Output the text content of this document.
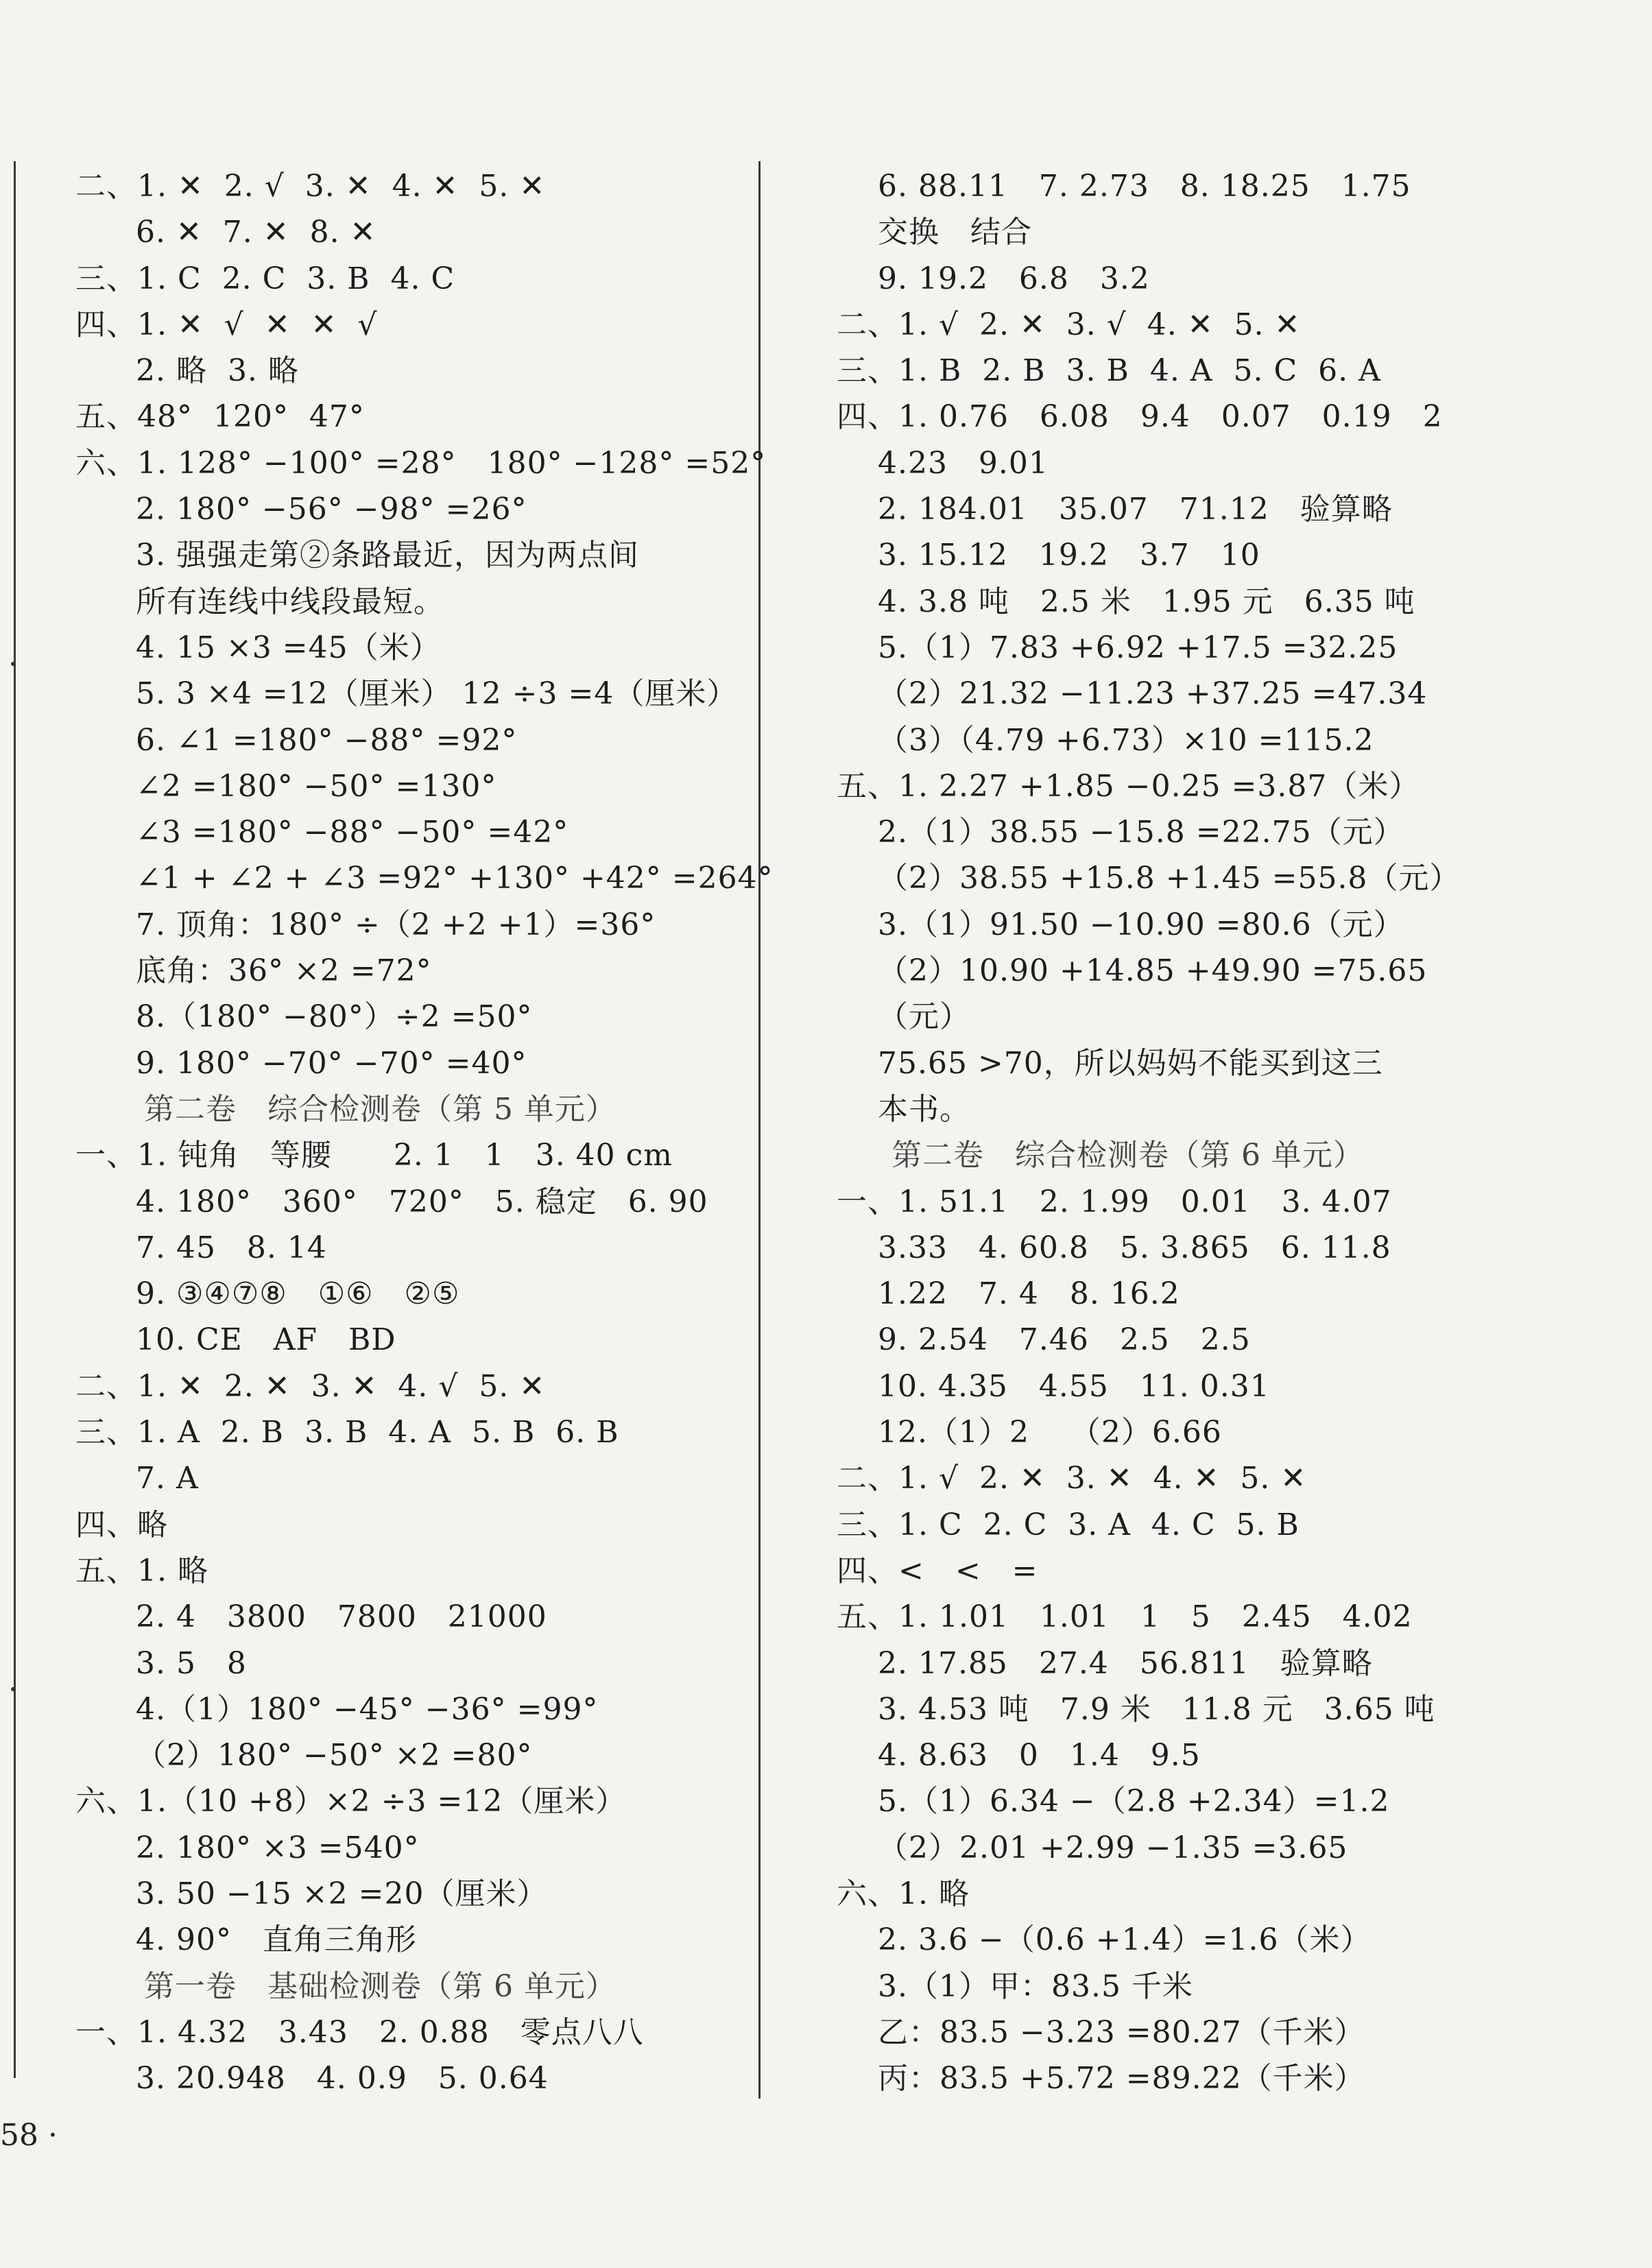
二、1. ✕  2. √  3. ✕  4. ✕  5. ✕
6. ✕  7. ✕  8. ✕
三、1. C  2. C  3. B  4. C
四、1. ✕  √  ✕  ✕  √
2. 略  3. 略
五、48°  120°  47°
六、1. 128° −100° =28°   180° −128° =52°
2. 180° −56° −98° =26°
3. 强强走第②条路最近，因为两点间
所有连线中线段最短。
4. 15 ×3 =45（米）
5. 3 ×4 =12（厘米） 12 ÷3 =4（厘米）
6. ∠1 =180° −88° =92°
∠2 =180° −50° =130°
∠3 =180° −88° −50° =42°
∠1 + ∠2 + ∠3 =92° +130° +42° =264°
7. 顶角：180° ÷（2 +2 +1）=36°
底角：36° ×2 =72°
8.（180° −80°）÷2 =50°
9. 180° −70° −70° =40°
第二卷   综合检测卷（第 5 单元）
一、1. 钝角   等腰      2. 1   1   3. 40 cm
4. 180°   360°   720°   5. 稳定   6. 90
7. 45   8. 14
9. ③④⑦⑧   ①⑥   ②⑤
10. CE   AF   BD
二、1. ✕  2. ✕  3. ✕  4. √  5. ✕
三、1. A  2. B  3. B  4. A  5. B  6. B
7. A
四、略
五、1. 略
2. 4   3800   7800   21000
3. 5   8
4.（1）180° −45° −36° =99°
（2）180° −50° ×2 =80°
六、1.（10 +8）×2 ÷3 =12（厘米）
2. 180° ×3 =540°
3. 50 −15 ×2 =20（厘米）
4. 90°   直角三角形
第一卷   基础检测卷（第 6 单元）
一、1. 4.32   3.43   2. 0.88   零点八八
3. 20.948   4. 0.9   5. 0.64
6. 88.11   7. 2.73   8. 18.25   1.75
交换   结合
9. 19.2   6.8   3.2
二、1. √  2. ✕  3. √  4. ✕  5. ✕
三、1. B  2. B  3. B  4. A  5. C  6. A
四、1. 0.76   6.08   9.4   0.07   0.19   2
4.23   9.01
2. 184.01   35.07   71.12   验算略
3. 15.12   19.2   3.7   10
4. 3.8 吨   2.5 米   1.95 元   6.35 吨
5.（1）7.83 +6.92 +17.5 =32.25
（2）21.32 −11.23 +37.25 =47.34
（3）（4.79 +6.73）×10 =115.2
五、1. 2.27 +1.85 −0.25 =3.87（米）
2.（1）38.55 −15.8 =22.75（元）
（2）38.55 +15.8 +1.45 =55.8（元）
3.（1）91.50 −10.90 =80.6（元）
（2）10.90 +14.85 +49.90 =75.65
（元）
75.65 >70，所以妈妈不能买到这三
本书。
第二卷   综合检测卷（第 6 单元）
一、1. 51.1   2. 1.99   0.01   3. 4.07
3.33   4. 60.8   5. 3.865   6. 11.8
1.22   7. 4   8. 16.2
9. 2.54   7.46   2.5   2.5
10. 4.35   4.55   11. 0.31
12.（1）2    （2）6.66
二、1. √  2. ✕  3. ✕  4. ✕  5. ✕
三、1. C  2. C  3. A  4. C  5. B
四、<   <   =
五、1. 1.01   1.01   1   5   2.45   4.02
2. 17.85   27.4   56.811   验算略
3. 4.53 吨   7.9 米   11.8 元   3.65 吨
4. 8.63   0   1.4   9.5
5.（1）6.34 −（2.8 +2.34）=1.2
（2）2.01 +2.99 −1.35 =3.65
六、1. 略
2. 3.6 −（0.6 +1.4）=1.6（米）
3.（1）甲：83.5 千米
乙：83.5 −3.23 =80.27（千米）
丙：83.5 +5.72 =89.22（千米）
58 ·
